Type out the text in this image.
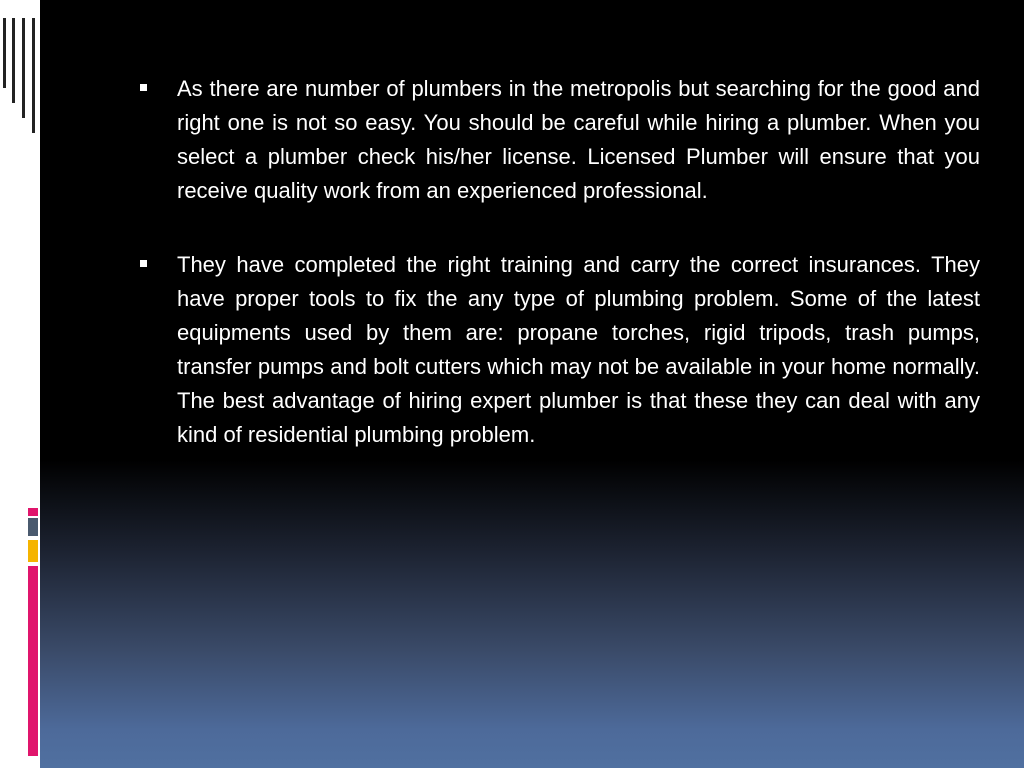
As there are number of plumbers in the metropolis but searching for the good and right one is not so easy. You should be careful while hiring a plumber. When you select a plumber check his/her license. Licensed Plumber will ensure that you receive quality work from an experienced professional.
They have completed the right training and carry the correct insurances. They have proper tools to fix the any type of plumbing problem. Some of the latest equipments used by them are: propane torches, rigid tripods, trash pumps, transfer pumps and bolt cutters which may not be available in your home normally. The best advantage of hiring expert plumber is that these they can deal with any kind of residential plumbing problem.
